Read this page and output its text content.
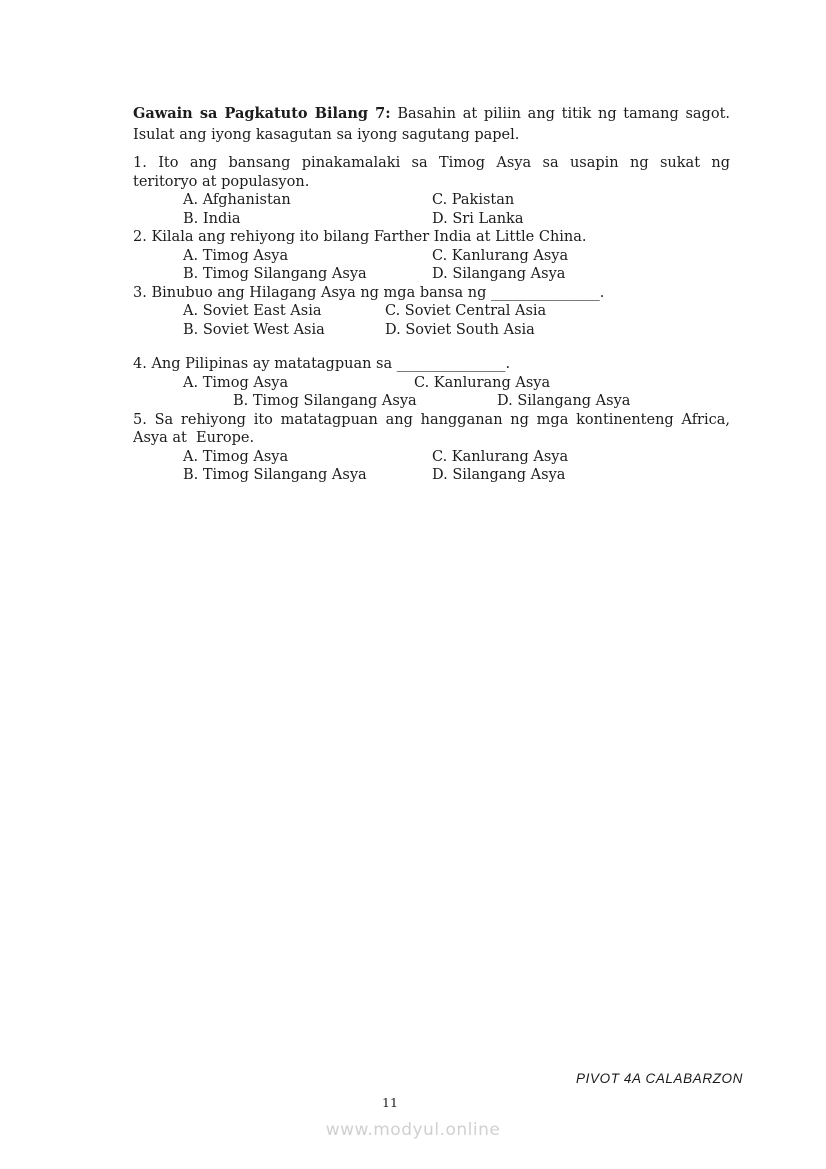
Gawain sa Pagkatuto Bilang 7: Basahin at piliin ang titik ng tamang sagot.
Isulat ang iyong kasagutan sa iyong sagutang papel.
1. Ito ang bansang pinakamalaki sa Timog Asya sa usapin ng sukat ng
teritoryo at populasyon.
A. Afghanistan	C. Pakistan
B. India	D. Sri Lanka
2. Kilala ang rehiyong ito bilang Farther India at Little China.
A. Timog Asya	C. Kanlurang Asya
B. Timog Silangang Asya	D. Silangang Asya
3. Binubuo ang Hilagang Asya ng mga bansa ng _______________.
A. Soviet East Asia	C. Soviet Central Asia
B. Soviet West Asia	D. Soviet South Asia
4. Ang Pilipinas ay matatagpuan sa _______________.
A. Timog Asya	C. Kanlurang Asya
B. Timog Silangang Asya	D. Silangang Asya
5. Sa rehiyong ito matatagpuan ang hangganan ng mga kontinenteng Africa,
Asya at  Europe.
A. Timog Asya	C. Kanlurang Asya
B. Timog Silangang Asya	D. Silangang Asya
PIVOT 4A CALABARZON
11
www.modyul.online
